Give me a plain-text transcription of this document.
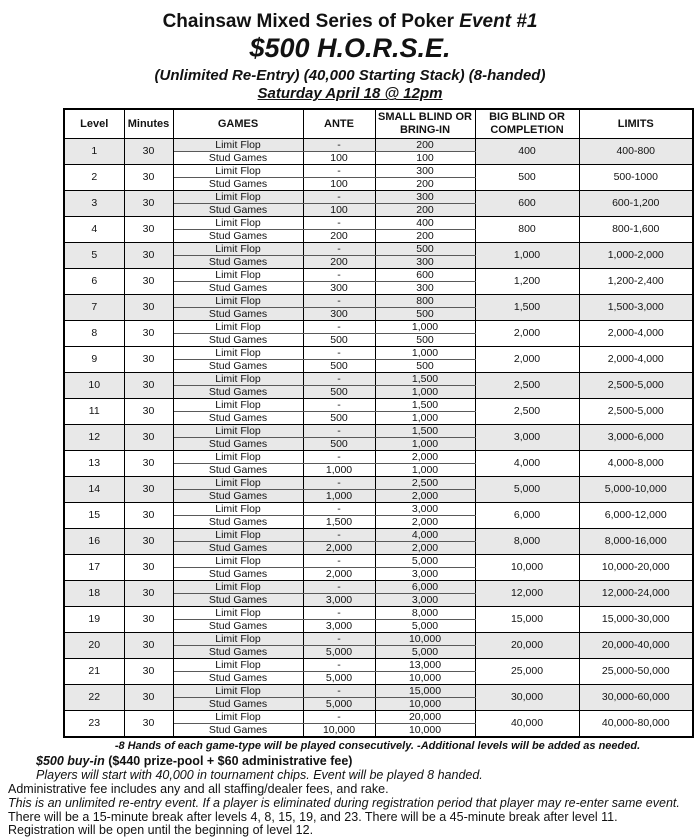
Chainsaw Mixed Series of Poker Event #1
$500 H.O.R.S.E.
(Unlimited Re-Entry) (40,000 Starting Stack) (8-handed)
Saturday April 18 @ 12pm
Level	Minutes	GAMES	ANTE	SMALL BLIND OR BRING-IN	BIG BLIND OR COMPLETION	LIMITS
1	30	Limit Flop	-	200	400	400-800
		Stud Games	100	100		
2	30	Limit Flop	-	300	500	500-1000
		Stud Games	100	200		
3	30	Limit Flop	-	300	600	600-1,200
		Stud Games	100	200		
4	30	Limit Flop	-	400	800	800-1,600
		Stud Games	200	200		
5	30	Limit Flop	-	500	1,000	1,000-2,000
		Stud Games	200	300		
6	30	Limit Flop	-	600	1,200	1,200-2,400
		Stud Games	300	300		
7	30	Limit Flop	-	800	1,500	1,500-3,000
		Stud Games	300	500		
8	30	Limit Flop	-	1,000	2,000	2,000-4,000
		Stud Games	500	500		
9	30	Limit Flop	-	1,000	2,000	2,000-4,000
		Stud Games	500	500		
10	30	Limit Flop	-	1,500	2,500	2,500-5,000
		Stud Games	500	1,000		
11	30	Limit Flop	-	1,500	2,500	2,500-5,000
		Stud Games	500	1,000		
12	30	Limit Flop	-	1,500	3,000	3,000-6,000
		Stud Games	500	1,000		
13	30	Limit Flop	-	2,000	4,000	4,000-8,000
		Stud Games	1,000	1,000		
14	30	Limit Flop	-	2,500	5,000	5,000-10,000
		Stud Games	1,000	2,000		
15	30	Limit Flop	-	3,000	6,000	6,000-12,000
		Stud Games	1,500	2,000		
16	30	Limit Flop	-	4,000	8,000	8,000-16,000
		Stud Games	2,000	2,000		
17	30	Limit Flop	-	5,000	10,000	10,000-20,000
		Stud Games	2,000	3,000		
18	30	Limit Flop	-	6,000	12,000	12,000-24,000
		Stud Games	3,000	3,000		
19	30	Limit Flop	-	8,000	15,000	15,000-30,000
		Stud Games	3,000	5,000		
20	30	Limit Flop	-	10,000	20,000	20,000-40,000
		Stud Games	5,000	5,000		
21	30	Limit Flop	-	13,000	25,000	25,000-50,000
		Stud Games	5,000	10,000		
22	30	Limit Flop	-	15,000	30,000	30,000-60,000
		Stud Games	5,000	10,000		
23	30	Limit Flop	-	20,000	40,000	40,000-80,000
		Stud Games	10,000	10,000		
-8 Hands of each game-type will be played consecutively. -Additional levels will be added as needed.
$500 buy-in ($440 prize-pool + $60 administrative fee)
Players will start with 40,000 in tournament chips. Event will be played 8 handed.
Administrative fee includes any and all staffing/dealer fees, and rake.
This is an unlimited re-entry event. If a player is eliminated during registration period that player may re-enter same event.
There will be a 15-minute break after levels 4, 8, 15, 19, and 23. There will be a 45-minute break after level 11.
Registration will be open until the beginning of level 12.
